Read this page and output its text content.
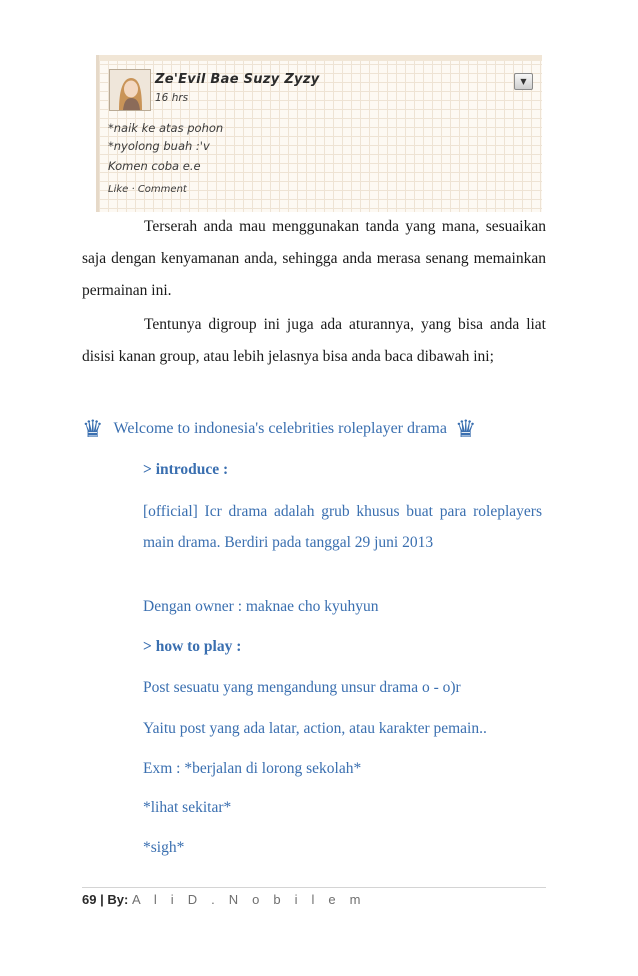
Ze'Evil Bae Suzy Zyzy
16 hrs
▼
*naik ke atas pohon
*nyolong buah :'v
Komen coba e.e
Like · Comment

Terserah anda mau menggunakan tanda yang mana, sesuaikan saja dengan kenyamanan anda, sehingga anda merasa senang memainkan permainan ini.

Tentunya digroup ini juga ada aturannya, yang bisa anda liat disisi kanan group, atau lebih jelasnya bisa anda baca dibawah ini;

♛ Welcome to indonesia's celebrities roleplayer drama ♛

> introduce :

[official] Icr drama adalah grub khusus buat para roleplayers main drama. Berdiri pada tanggal 29 juni 2013

Dengan owner : maknae cho kyuhyun

> how to play :

Post sesuatu yang mengandung unsur drama o - o)r

Yaitu post yang ada latar, action, atau karakter pemain..

Exm : *berjalan di lorong sekolah*

*lihat sekitar*

*sigh*

69 | By: A l i D . N o b i l e m
